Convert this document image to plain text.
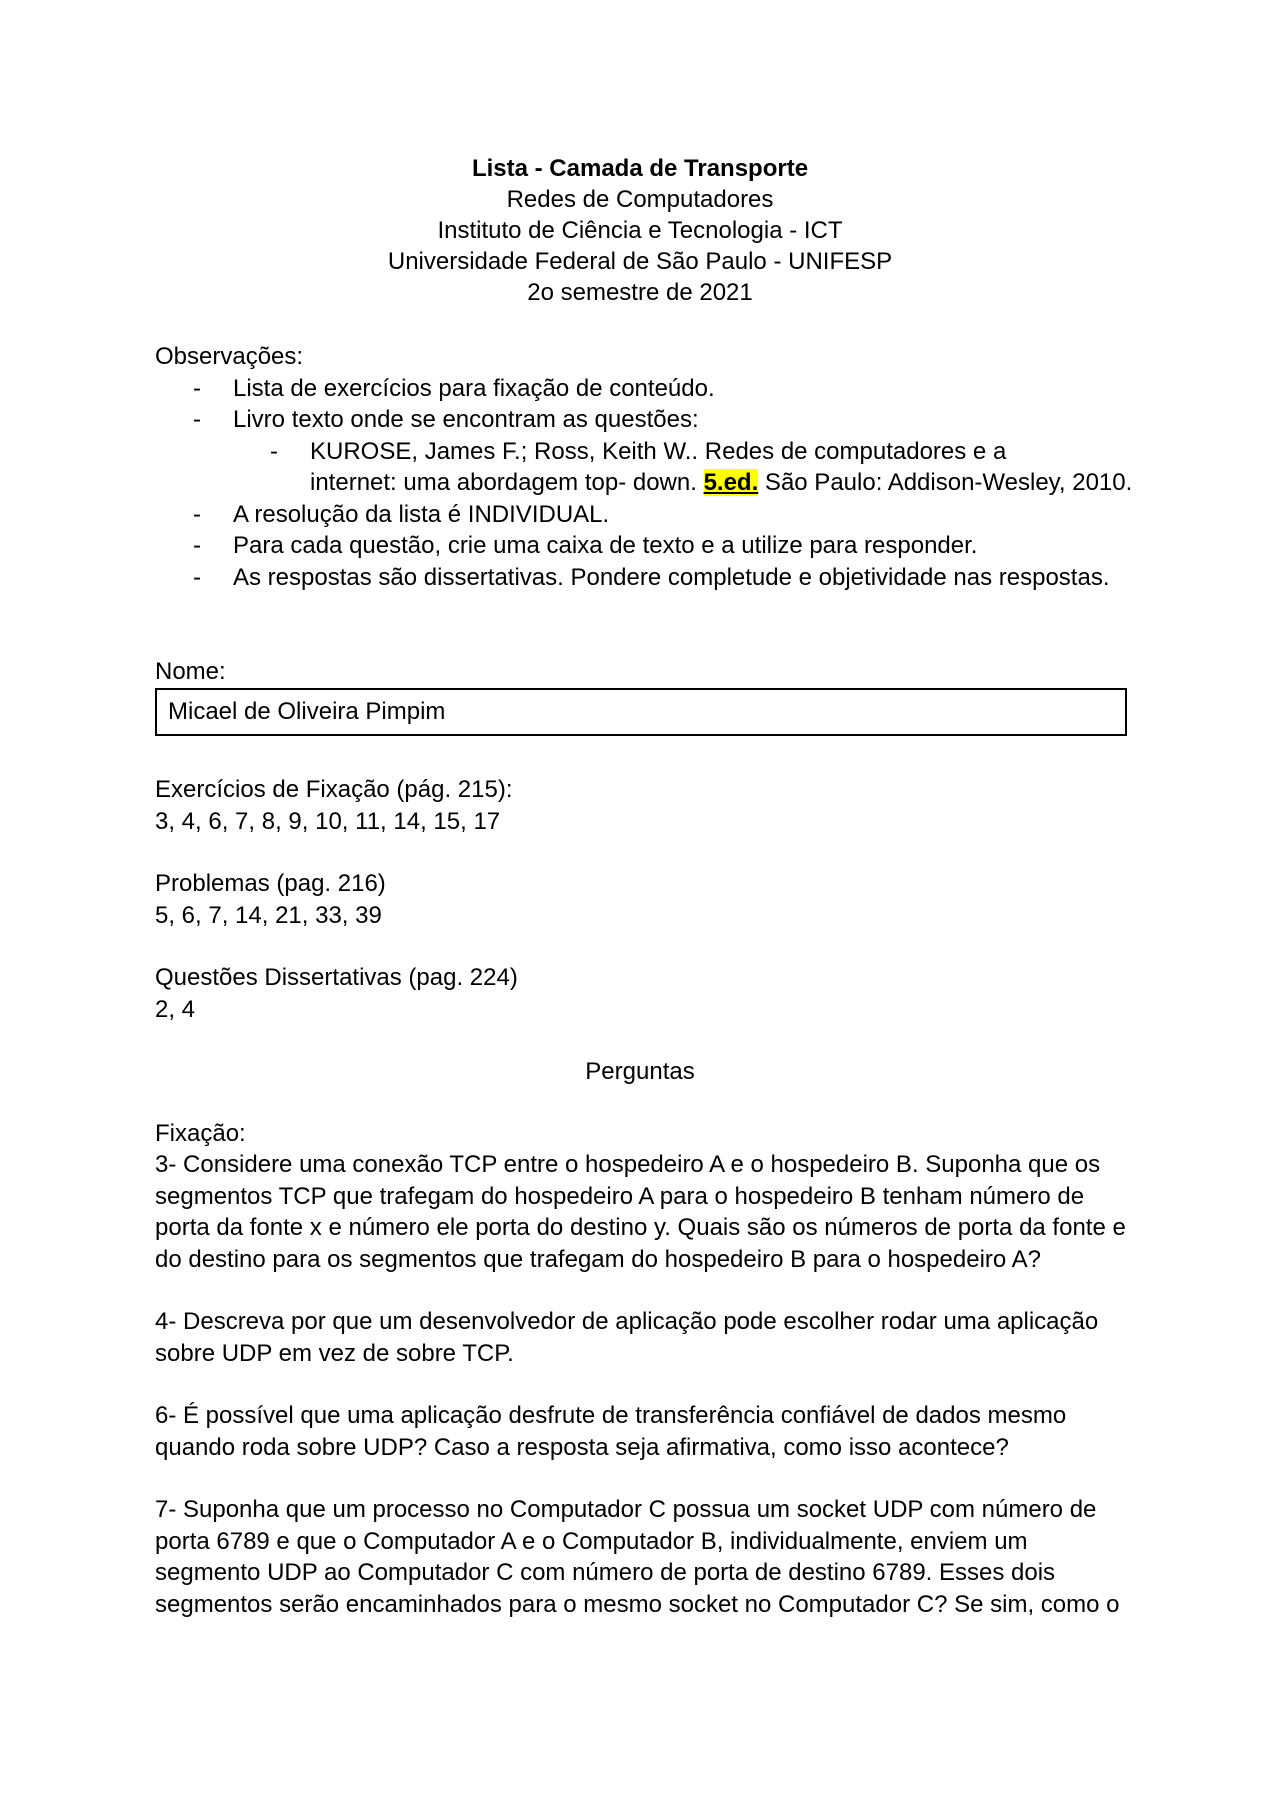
Lista - Camada de Transporte
Redes de Computadores
Instituto de Ciência e Tecnologia - ICT
Universidade Federal de São Paulo - UNIFESP
2o semestre de 2021

Observações:

- Lista de exercícios para fixação de conteúdo.
- Livro texto onde se encontram as questões:
- KUROSE, James F.; Ross, Keith W.. Redes de computadores e a
internet: uma abordagem top- down. 5.ed. São Paulo: Addison-Wesley, 2010.
- A resolução da lista é INDIVIDUAL.
- Para cada questão, crie uma caixa de texto e a utilize para responder.
- As respostas são dissertativas. Pondere completude e objetividade nas respostas.
Nome:
Micael de Oliveira Pimpim

Exercícios de Fixação (pág. 215):

3, 4, 6, 7, 8, 9, 10, 11, 14, 15, 17

Problemas (pag. 216)

5, 6, 7, 14, 21, 33, 39

Questões Dissertativas (pag. 224)

2, 4

Perguntas
Fixação:

3- Considere uma conexão TCP entre o hospedeiro A e o hospedeiro B. Suponha que os

segmentos TCP que trafegam do hospedeiro A para o hospedeiro B tenham número de

porta da fonte x e número ele porta do destino y. Quais são os números de porta da fonte e

do destino para os segmentos que trafegam do hospedeiro B para o hospedeiro A?

4- Descreva por que um desenvolvedor de aplicação pode escolher rodar uma aplicação

sobre UDP em vez de sobre TCP.

6- É possível que uma aplicação desfrute de transferência confiável de dados mesmo

quando roda sobre UDP? Caso a resposta seja afirmativa, como isso acontece?

7- Suponha que um processo no Computador C possua um socket UDP com número de

porta 6789 e que o Computador A e o Computador B, individualmente, enviem um

segmento UDP ao Computador C com número de porta de destino 6789. Esses dois

segmentos serão encaminhados para o mesmo socket no Computador C? Se sim, como o
